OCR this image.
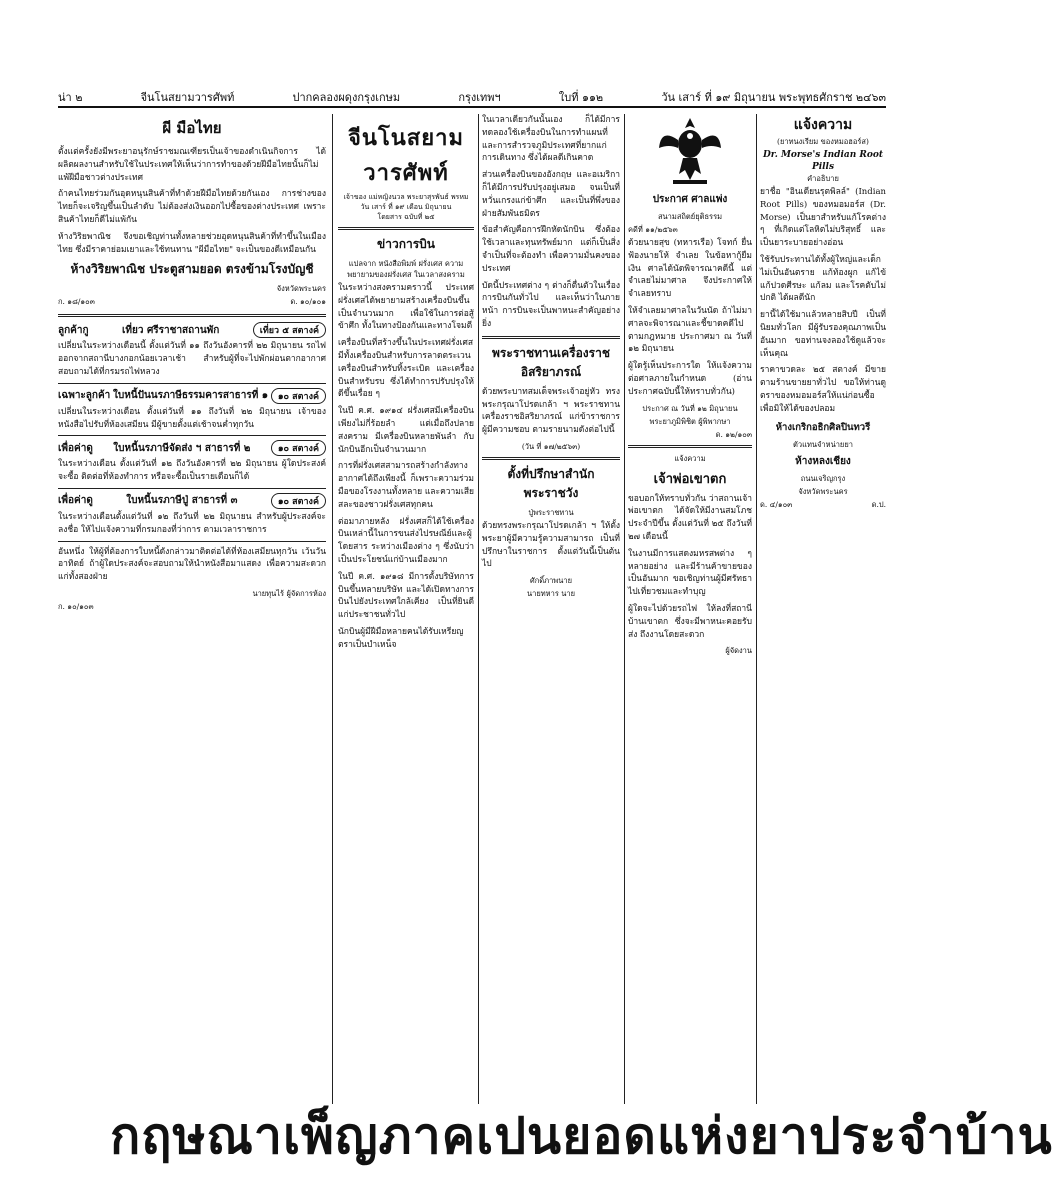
น่า ๒	จีนโนสยามวารศัพท์	ปากคลองผดุงกรุงเกษม	กรุงเทพฯ	ใบที่ ๑๑๒	วัน เสาร์ ที่ ๑๙ มิถุนายน พระพุทธศักราช ๒๔๖๓
ผี มือไทย

ตั้งแต่ครั้งยังมีพระยาอนุรักษ์ราชมณเฑียรเป็นเจ้าของดำเนินกิจการ ได้ผลิตผลงานสำหรับใช้ในประเทศให้เห็นว่าการทำของด้วยฝีมือไทยนั้นก็ไม่แพ้ฝีมือชาวต่างประเทศ

ถ้าคนไทยร่วมกันอุดหนุนสินค้าที่ทำด้วยฝีมือไทยด้วยกันเอง การช่างของไทยก็จะเจริญขึ้นเป็นลำดับ ไม่ต้องส่งเงินออกไปซื้อของต่างประเทศ เพราะสินค้าไทยก็ดีไม่แพ้กัน

ห้างวิริยพาณิช จึงขอเชิญท่านทั้งหลายช่วยอุดหนุนสินค้าที่ทำขึ้นในเมืองไทย ซึ่งมีราคาย่อมเยาและใช้ทนทาน "ผีมือไทย" จะเป็นของดีเหมือนกัน

ห้างวิริยพาณิช ประตูสามยอด ตรงข้ามโรงบัญชี
จังหวัดพระนคร
ก. ๑๘/๑๐๓	ด. ๑๐/๑๐๑
ลูกค้ากู	เที่ยว ศรีราชาสถานพัก	เที่ยว ๕ สตางค์

เปลี่ยนในระหว่างเดือนนี้ ตั้งแต่วันที่ ๑๑ ถึงวันอังคารที่ ๒๒ มิถุนายน รถไฟออกจากสถานีบางกอกน้อยเวลาเช้า สำหรับผู้ที่จะไปพักผ่อนตากอากาศ สอบถามได้ที่กรมรถไฟหลวง

เฉพาะลูกค้า ใบหนี้ปันนรภาษีธรรมคารสาธารที่ ๑	๑๐ สตางค์

เปลี่ยนในระหว่างเดือน ตั้งแต่วันที่ ๑๑ ถึงวันที่ ๒๒ มิถุนายน เจ้าของหนังสือไปรับที่ห้องเสมียน มีผู้ขายตั้งแต่เช้าจนค่ำทุกวัน

เพื่อค่าดู ใบหนี้นรภาษีจัดส่ง ฯ สาธารที่ ๒	๑๐ สตางค์

ในระหว่างเดือน ตั้งแต่วันที่ ๑๒ ถึงวันอังคารที่ ๒๒ มิถุนายน ผู้ใดประสงค์จะซื้อ ติดต่อที่ห้องทำการ หรือจะซื้อเป็นรายเดือนก็ได้

เพื่อค่าดู	ใบหนี้นรภาษีปู่ สาธารที่ ๓	๑๐ สตางค์

ในระหว่างเดือนตั้งแต่วันที่ ๑๒ ถึงวันที่ ๒๒ มิถุนายน สำหรับผู้ประสงค์จะลงชื่อ ให้ไปแจ้งความที่กรมกองที่ว่าการ ตามเวลาราชการ

อันหนึ่ง ให้ผู้ที่ต้องการใบหนี้ดังกล่าวมาติดต่อได้ที่ห้องเสมียนทุกวัน เว้นวันอาทิตย์ ถ้าผู้ใดประสงค์จะสอบถามให้นำหนังสือมาแสดง เพื่อความสะดวกแก่ทั้งสองฝ่าย

นายทุนไร้ ผู้จัดการห้อง
ก. ๑๐/๑๐๓
จีนโนสยามวารศัพท์
เจ้าของ แม่หญิงนวล พระยาสุรพันธ์ พรหม
วัน เสาร์ ที่ ๑๙ เดือน มิถุนายน
โดยสาร ฉบับที่ ๒๕
ข่าวการบิน
แปลจาก หนังสือพิมพ์ ฝรั่งเศส ความพยายามของฝรั่งเศส ในเวลาสงคราม

ในระหว่างสงครามคราวนี้ ประเทศฝรั่งเศสได้พยายามสร้างเครื่องบินขึ้นเป็นจำนวนมาก เพื่อใช้ในการต่อสู้ข้าศึก ทั้งในทางป้องกันและทางโจมตี

เครื่องบินที่สร้างขึ้นในประเทศฝรั่งเศส มีทั้งเครื่องบินสำหรับการลาดตระเวน เครื่องบินสำหรับทิ้งระเบิด และเครื่องบินสำหรับรบ ซึ่งได้ทำการปรับปรุงให้ดีขึ้นเรื่อย ๆ

ในปี ค.ศ. ๑๙๑๔ ฝรั่งเศสมีเครื่องบินเพียงไม่กี่ร้อยลำ แต่เมื่อถึงปลายสงคราม มีเครื่องบินหลายพันลำ กับนักบินอีกเป็นจำนวนมาก

การที่ฝรั่งเศสสามารถสร้างกำลังทางอากาศได้ถึงเพียงนี้ ก็เพราะความร่วมมือของโรงงานทั้งหลาย และความเสียสละของชาวฝรั่งเศสทุกคน

ต่อมาภายหลัง ฝรั่งเศสก็ได้ใช้เครื่องบินเหล่านี้ในการขนส่งไปรษณีย์และผู้โดยสาร ระหว่างเมืองต่าง ๆ ซึ่งนับว่าเป็นประโยชน์แก่บ้านเมืองมาก

ในปี ค.ศ. ๑๙๑๘ มีการตั้งบริษัทการบินขึ้นหลายบริษัท และได้เปิดทางการบินไปยังประเทศใกล้เคียง เป็นที่ยินดีแก่ประชาชนทั่วไป

นักบินผู้มีฝีมือหลายคนได้รับเหรียญตราเป็นบำเหน็จ

ในเวลาเดียวกันนั้นเอง ก็ได้มีการทดลองใช้เครื่องบินในการทำแผนที่ และการสำรวจภูมิประเทศที่ยากแก่การเดินทาง ซึ่งได้ผลดีเกินคาด

ส่วนเครื่องบินของอังกฤษ และอเมริกา ก็ได้มีการปรับปรุงอยู่เสมอ จนเป็นที่หวั่นเกรงแก่ข้าศึก และเป็นที่พึ่งของฝ่ายสัมพันธมิตร

ข้อสำคัญคือการฝึกหัดนักบิน ซึ่งต้องใช้เวลาและทุนทรัพย์มาก แต่ก็เป็นสิ่งจำเป็นที่จะต้องทำ เพื่อความมั่นคงของประเทศ

บัดนี้ประเทศต่าง ๆ ต่างก็ตื่นตัวในเรื่องการบินกันทั่วไป และเห็นว่าในภายหน้า การบินจะเป็นพาหนะสำคัญอย่างยิ่ง

พระราชทานเครื่องราชอิสริยาภรณ์

ด้วยพระบาทสมเด็จพระเจ้าอยู่หัว ทรงพระกรุณาโปรดเกล้า ฯ พระราชทานเครื่องราชอิสริยาภรณ์ แก่ข้าราชการผู้มีความชอบ ตามรายนามดังต่อไปนี้

(วัน ที่ ๑๗/๒๕๖๓)
ตั้งที่ปรึกษาสำนักพระราชวัง
ปู่พระราชทาน

ด้วยทรงพระกรุณาโปรดเกล้า ฯ ให้ตั้งพระยาผู้มีความรู้ความสามารถ เป็นที่ปรึกษาในราชการ ตั้งแต่วันนี้เป็นต้นไป

ศักดิ์ภาพนาย
นายทหาร นาย
ประกาศ ศาลแพ่ง
สนามสถิตย์ยุติธรรม
คดีที่ ๑๑/๒๕๖๓

ด้วยนายสุข (ทหารเรือ) โจทก์ ยื่นฟ้องนายโห้ จำเลย ในข้อหากู้ยืมเงิน ศาลได้นัดพิจารณาคดีนี้ แต่จำเลยไม่มาศาล จึงประกาศให้จำเลยทราบ

ให้จำเลยมาศาลในวันนัด ถ้าไม่มาศาลจะพิจารณาและชี้ขาดคดีไปตามกฎหมาย ประกาศมา ณ วันที่ ๑๒ มิถุนายน

ผู้ใดรู้เห็นประการใด ให้แจ้งความต่อศาลภายในกำหนด (อ่านประกาศฉบับนี้ให้ทราบทั่วกัน)

ประกาศ ณ วันที่ ๑๒ มิถุนายน
พระยาภูมิพิชิต ผู้พิพากษา
ด. ๑๒/๑๐๓
แจ้งความ
เจ้าพ่อเขาตก

ขอบอกให้ทราบทั่วกัน ว่าสถานเจ้าพ่อเขาตก ได้จัดให้มีงานสมโภชประจำปีขึ้น ตั้งแต่วันที่ ๒๕ ถึงวันที่ ๒๗ เดือนนี้

ในงานมีการแสดงมหรสพต่าง ๆ หลายอย่าง และมีร้านค้าขายของเป็นอันมาก ขอเชิญท่านผู้มีศรัทธาไปเที่ยวชมและทำบุญ

ผู้ใดจะไปด้วยรถไฟ ให้ลงที่สถานีบ้านเขาตก ซึ่งจะมีพาหนะคอยรับส่ง ถึงงานโดยสะดวก

ผู้จัดงาน
แจ้งความ
(ยาทนงเรียม ของหมอฮอร์ส)
Dr. Morse's Indian Root Pills
คำอธิบาย

ยาชื่อ "อินเดียนรุตพิลล์" (Indian Root Pills) ของหมอมอร์ส (Dr. Morse) เป็นยาสำหรับแก้โรคต่าง ๆ ที่เกิดแต่โลหิตไม่บริสุทธิ์ และเป็นยาระบายอย่างอ่อน

ใช้รับประทานได้ทั้งผู้ใหญ่และเด็ก ไม่เป็นอันตราย แก้ท้องผูก แก้ไข้ แก้ปวดศีรษะ แก้ลม และโรคตับไม่ปกติ ได้ผลดีนัก

ยานี้ได้ใช้มาแล้วหลายสิบปี เป็นที่นิยมทั่วโลก มีผู้รับรองคุณภาพเป็นอันมาก ขอท่านจงลองใช้ดูแล้วจะเห็นคุณ

ราคาขวดละ ๒๕ สตางค์ มีขายตามร้านขายยาทั่วไป ขอให้ท่านดูตราของหมอมอร์สให้แน่ก่อนซื้อ เพื่อมิให้ได้ของปลอม

ห้างเกริกอธิกศิลปินทวรี
ตัวแทนจำหน่ายยา
ห้างหลงเชียง
ถนนเจริญกรุง
จังหวัดพระนคร
ด. ๔/๑๐๓	ด.ป.
กฤษณาเพ็ญภาคเปนยอดแห่งยาประจำบ้าน
